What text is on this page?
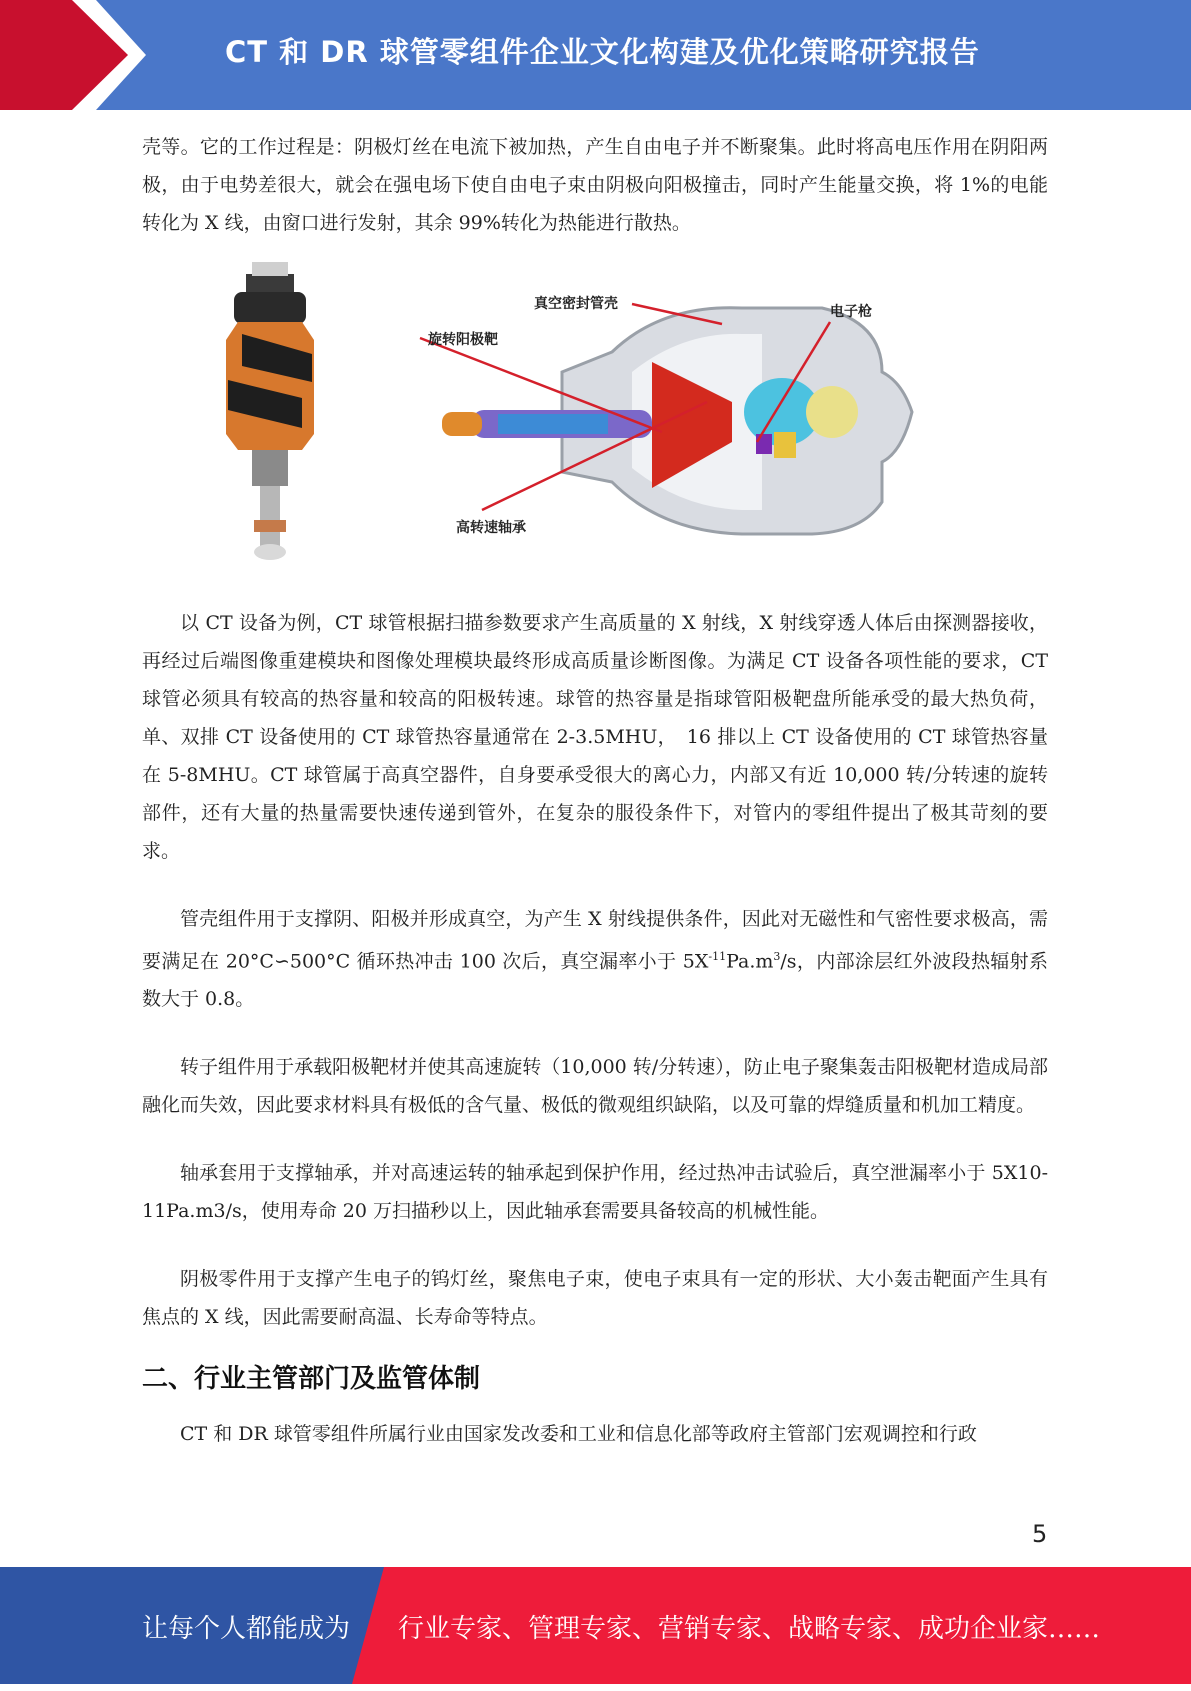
CT 和 DR 球管零组件企业文化构建及优化策略研究报告

壳等。它的工作过程是：阴极灯丝在电流下被加热，产生自由电子并不断聚集。此时将高电压作用在阴阳两极，由于电势差很大，就会在强电场下使自由电子束由阴极向阳极撞击，同时产生能量交换，将 1%的电能转化为 X 线，由窗口进行发射，其余 99%转化为热能进行散热。

真空密封管壳	电子枪
旋转阳极靶
高转速轴承

以 CT 设备为例，CT 球管根据扫描参数要求产生高质量的 X 射线，X 射线穿透人体后由探测器接收，再经过后端图像重建模块和图像处理模块最终形成高质量诊断图像。为满足 CT 设备各项性能的要求，CT 球管必须具有较高的热容量和较高的阳极转速。球管的热容量是指球管阳极靶盘所能承受的最大热负荷，单、双排 CT 设备使用的 CT 球管热容量通常在 2-3.5MHU，　16 排以上 CT 设备使用的 CT 球管热容量在 5-8MHU。CT 球管属于高真空器件，自身要承受很大的离心力，内部又有近 10,000 转/分转速的旋转部件，还有大量的热量需要快速传递到管外，在复杂的服役条件下，对管内的零组件提出了极其苛刻的要求。

管壳组件用于支撑阴、阳极并形成真空，为产生 X 射线提供条件，因此对无磁性和气密性要求极高，需要满足在 20°C∽500°C 循环热冲击 100 次后，真空漏率小于 $5X^{-11}Pa.m^3/s$，内部涂层红外波段热辐射系数大于 0.8。

转子组件用于承载阳极靶材并使其高速旋转（10,000 转/分转速），防止电子聚集轰击阳极靶材造成局部融化而失效，因此要求材料具有极低的含气量、极低的微观组织缺陷，以及可靠的焊缝质量和机加工精度。

轴承套用于支撑轴承，并对高速运转的轴承起到保护作用，经过热冲击试验后，真空泄漏率小于 5X10-11Pa.m3/s，使用寿命 20 万扫描秒以上，因此轴承套需要具备较高的机械性能。

阴极零件用于支撑产生电子的钨灯丝，聚焦电子束，使电子束具有一定的形状、大小轰击靶面产生具有焦点的 X 线，因此需要耐高温、长寿命等特点。

二、行业主管部门及监管体制

CT 和 DR 球管零组件所属行业由国家发改委和工业和信息化部等政府主管部门宏观调控和行政

5
让每个人都能成为 行业专家、管理专家、营销专家、战略专家、成功企业家……
